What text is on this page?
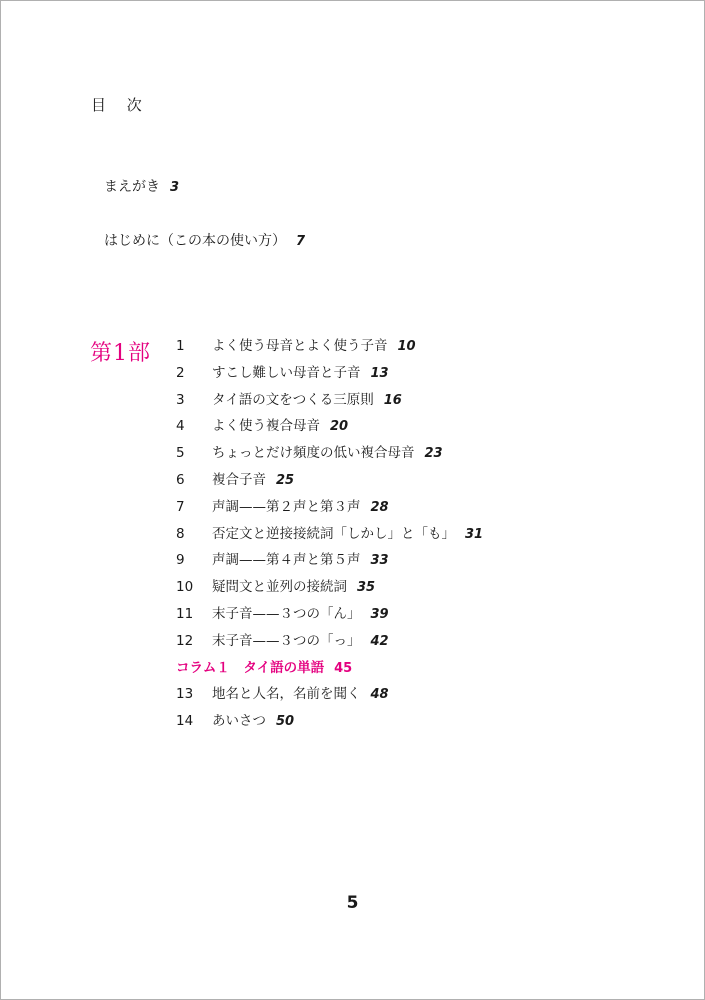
目 次
まえがき 3
はじめに（この本の使い方） 7
第1部 1 よく使う母音とよく使う子音 10
2 すこし難しい母音と子音 13
3 タイ語の文をつくる三原則 16
4 よく使う複合母音 20
5 ちょっとだけ頻度の低い複合母音 23
6 複合子音 25
7 声調——第２声と第３声 28
8 否定文と逆接接続詞「しかし」と「も」 31
9 声調——第４声と第５声 33
10 疑問文と並列の接続詞 35
11 末子音——３つの「ん」 39
12 末子音——３つの「っ」 42
コラム１　タイ語の単語 45
13 地名と人名，名前を聞く 48
14 あいさつ 50
5
